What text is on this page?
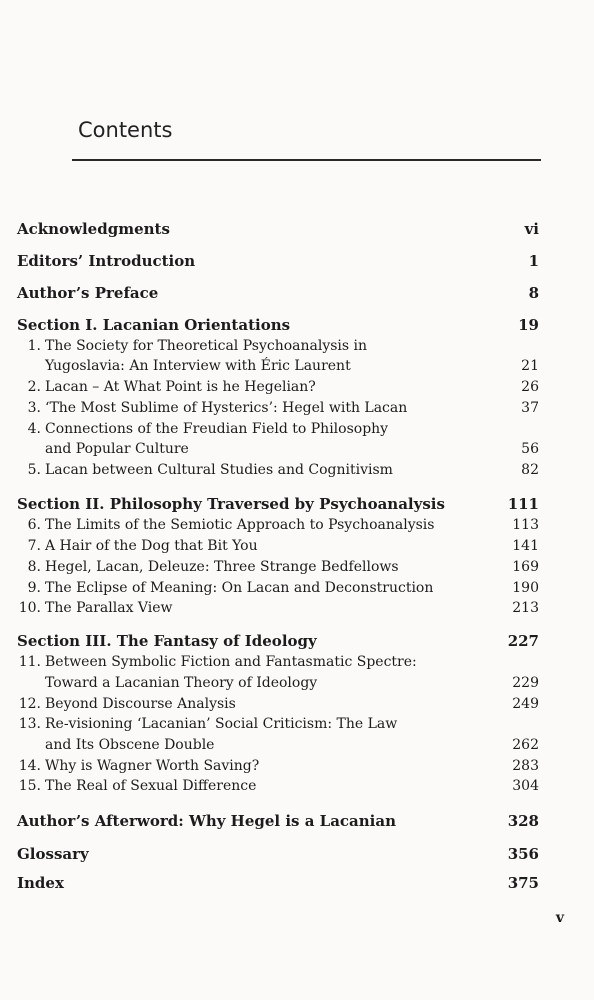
Contents
Acknowledgments	vi
Editors’ Introduction	1
Author’s Preface	8
Section I. Lacanian Orientations	19
1. The Society for Theoretical Psychoanalysis in
Yugoslavia: An Interview with Éric Laurent	21
2. Lacan – At What Point is he Hegelian?	26
3. ‘The Most Sublime of Hysterics’: Hegel with Lacan	37
4. Connections of the Freudian Field to Philosophy
and Popular Culture	56
5. Lacan between Cultural Studies and Cognitivism	82
Section II. Philosophy Traversed by Psychoanalysis	111
6. The Limits of the Semiotic Approach to Psychoanalysis	113
7. A Hair of the Dog that Bit You	141
8. Hegel, Lacan, Deleuze: Three Strange Bedfellows	169
9. The Eclipse of Meaning: On Lacan and Deconstruction	190
10. The Parallax View	213
Section III. The Fantasy of Ideology	227
11. Between Symbolic Fiction and Fantasmatic Spectre:
Toward a Lacanian Theory of Ideology	229
12. Beyond Discourse Analysis	249
13. Re-visioning ‘Lacanian’ Social Criticism: The Law
and Its Obscene Double	262
14. Why is Wagner Worth Saving?	283
15. The Real of Sexual Difference	304
Author’s Afterword: Why Hegel is a Lacanian	328
Glossary	356
Index	375
v
